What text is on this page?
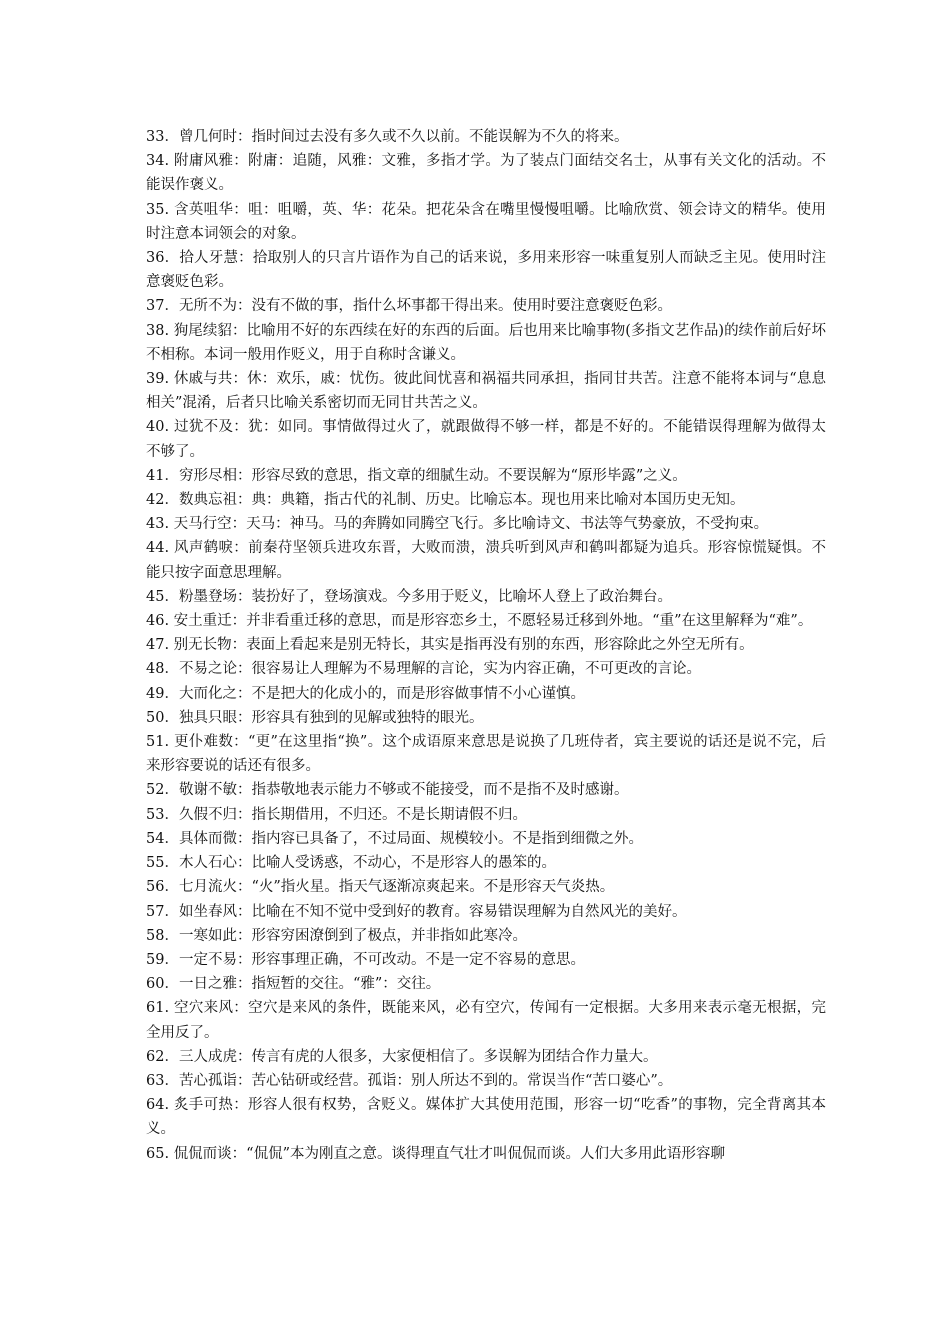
33．曾几何时：指时间过去没有多久或不久以前。不能误解为不久的将来。

34. 附庸风雅：附庸：追随，风雅：文雅，多指才学。为了装点门面结交名士，从事有关文化的活动。不能误作褒义。

35. 含英咀华：咀：咀嚼，英、华：花朵。把花朵含在嘴里慢慢咀嚼。比喻欣赏、领会诗文的精华。使用时注意本词领会的对象。

36．拾人牙慧：拾取别人的只言片语作为自己的话来说，多用来形容一味重复别人而缺乏主见。使用时注意褒贬色彩。

37．无所不为：没有不做的事，指什么坏事都干得出来。使用时要注意褒贬色彩。

38. 狗尾续貂：比喻用不好的东西续在好的东西的后面。后也用来比喻事物(多指文艺作品)的续作前后好坏不相称。本词一般用作贬义，用于自称时含谦义。

39. 休戚与共：休：欢乐，戚：忧伤。彼此间忧喜和祸福共同承担，指同甘共苦。注意不能将本词与“息息相关”混淆，后者只比喻关系密切而无同甘共苦之义。

40. 过犹不及：犹：如同。事情做得过火了，就跟做得不够一样，都是不好的。不能错误得理解为做得太不够了。

41．穷形尽相：形容尽致的意思，指文章的细腻生动。不要误解为“原形毕露”之义。

42．数典忘祖：典：典籍，指古代的礼制、历史。比喻忘本。现也用来比喻对本国历史无知。

43. 天马行空：天马：神马。马的奔腾如同腾空飞行。多比喻诗文、书法等气势豪放，不受拘束。

44. 风声鹤唳：前秦苻坚领兵进攻东晋，大败而溃，溃兵听到风声和鹤叫都疑为追兵。形容惊慌疑惧。不能只按字面意思理解。

45．粉墨登场：装扮好了，登场演戏。今多用于贬义，比喻坏人登上了政治舞台。

46. 安土重迁：并非看重迁移的意思，而是形容恋乡土，不愿轻易迁移到外地。“重”在这里解释为“难”。

47. 别无长物：表面上看起来是别无特长，其实是指再没有别的东西，形容除此之外空无所有。

48．不易之论：很容易让人理解为不易理解的言论，实为内容正确，不可更改的言论。

49．大而化之：不是把大的化成小的，而是形容做事情不小心谨慎。

50．独具只眼：形容具有独到的见解或独特的眼光。

51. 更仆难数：“更”在这里指“换”。这个成语原来意思是说换了几班侍者，宾主要说的话还是说不完，后来形容要说的话还有很多。

52．敬谢不敏：指恭敬地表示能力不够或不能接受，而不是指不及时感谢。

53．久假不归：指长期借用，不归还。不是长期请假不归。

54．具体而微：指内容已具备了，不过局面、规模较小。不是指到细微之外。

55．木人石心：比喻人受诱惑，不动心，不是形容人的愚笨的。

56．七月流火：“火”指火星。指天气逐渐凉爽起来。不是形容天气炎热。

57．如坐春风：比喻在不知不觉中受到好的教育。容易错误理解为自然风光的美好。

58．一寒如此：形容穷困潦倒到了极点，并非指如此寒冷。

59．一定不易：形容事理正确，不可改动。不是一定不容易的意思。

60．一日之雅：指短暂的交往。“雅”：交往。

61. 空穴来风：空穴是来风的条件，既能来风，必有空穴，传闻有一定根据。大多用来表示毫无根据，完全用反了。

62．三人成虎：传言有虎的人很多，大家便相信了。多误解为团结合作力量大。

63．苦心孤诣：苦心钻研或经营。孤诣：别人所达不到的。常误当作“苦口婆心”。

64. 炙手可热：形容人很有权势，含贬义。媒体扩大其使用范围，形容一切“吃香”的事物，完全背离其本义。

65. 侃侃而谈：“侃侃”本为刚直之意。谈得理直气壮才叫侃侃而谈。人们大多用此语形容聊
